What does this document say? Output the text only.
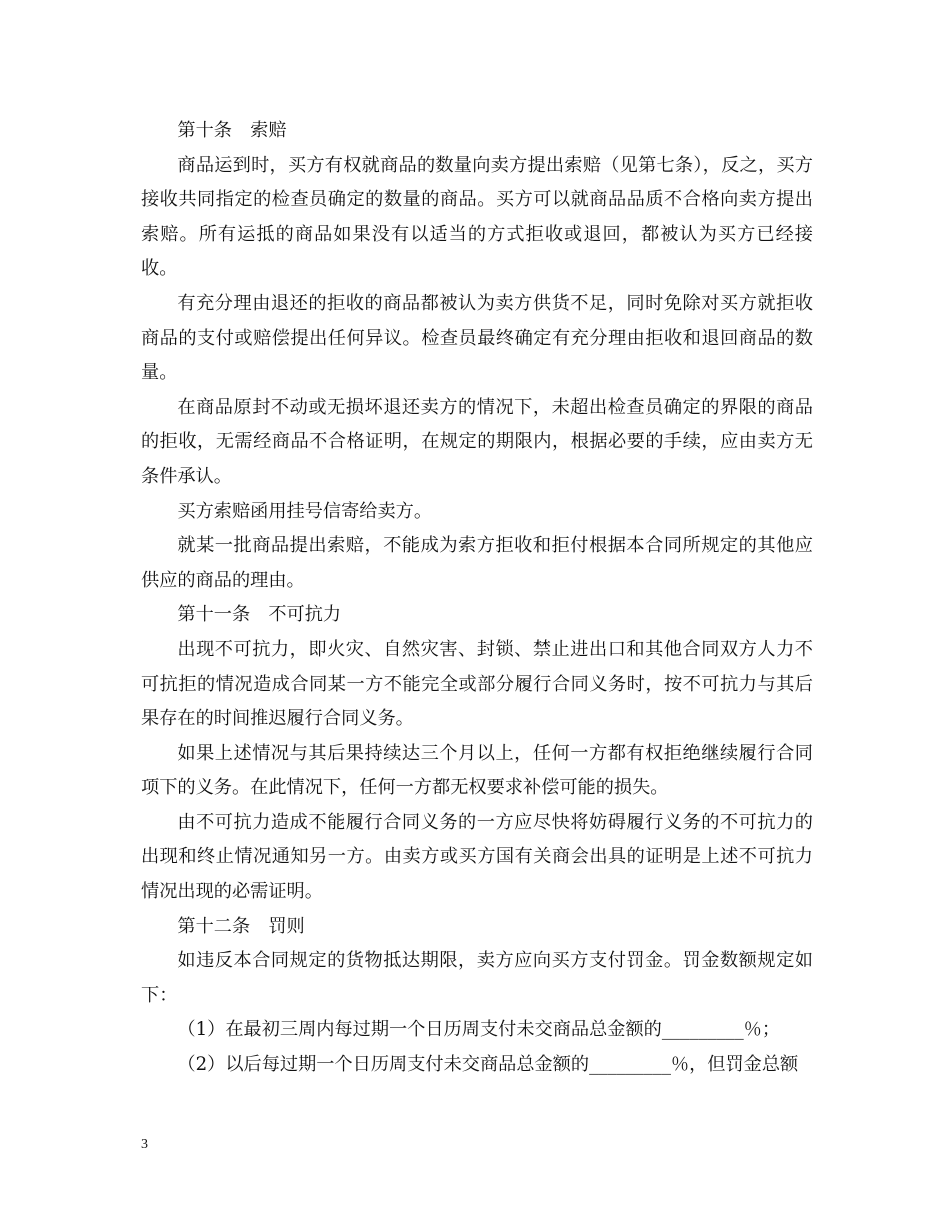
第十条　索赔

商品运到时，买方有权就商品的数量向卖方提出索赔（见第七条），反之，买方接收共同指定的检查员确定的数量的商品。买方可以就商品品质不合格向卖方提出索赔。所有运抵的商品如果没有以适当的方式拒收或退回，都被认为买方已经接收。

有充分理由退还的拒收的商品都被认为卖方供货不足，同时免除对买方就拒收商品的支付或赔偿提出任何异议。检查员最终确定有充分理由拒收和退回商品的数量。

在商品原封不动或无损坏退还卖方的情况下，未超出检查员确定的界限的商品的拒收，无需经商品不合格证明，在规定的期限内，根据必要的手续，应由卖方无条件承认。

买方索赔函用挂号信寄给卖方。

就某一批商品提出索赔，不能成为索方拒收和拒付根据本合同所规定的其他应供应的商品的理由。

第十一条　不可抗力

出现不可抗力，即火灾、自然灾害、封锁、禁止进出口和其他合同双方人力不可抗拒的情况造成合同某一方不能完全或部分履行合同义务时，按不可抗力与其后果存在的时间推迟履行合同义务。

如果上述情况与其后果持续达三个月以上，任何一方都有权拒绝继续履行合同项下的义务。在此情况下，任何一方都无权要求补偿可能的损失。

由不可抗力造成不能履行合同义务的一方应尽快将妨碍履行义务的不可抗力的出现和终止情况通知另一方。由卖方或买方国有关商会出具的证明是上述不可抗力情况出现的必需证明。

第十二条　罚则

如违反本合同规定的货物抵达期限，卖方应向买方支付罚金。罚金数额规定如下：

（1）在最初三周内每过期一个日历周支付未交商品总金额的_________％；

（2）以后每过期一个日历周支付未交商品总金额的_________％，但罚金总额

3
